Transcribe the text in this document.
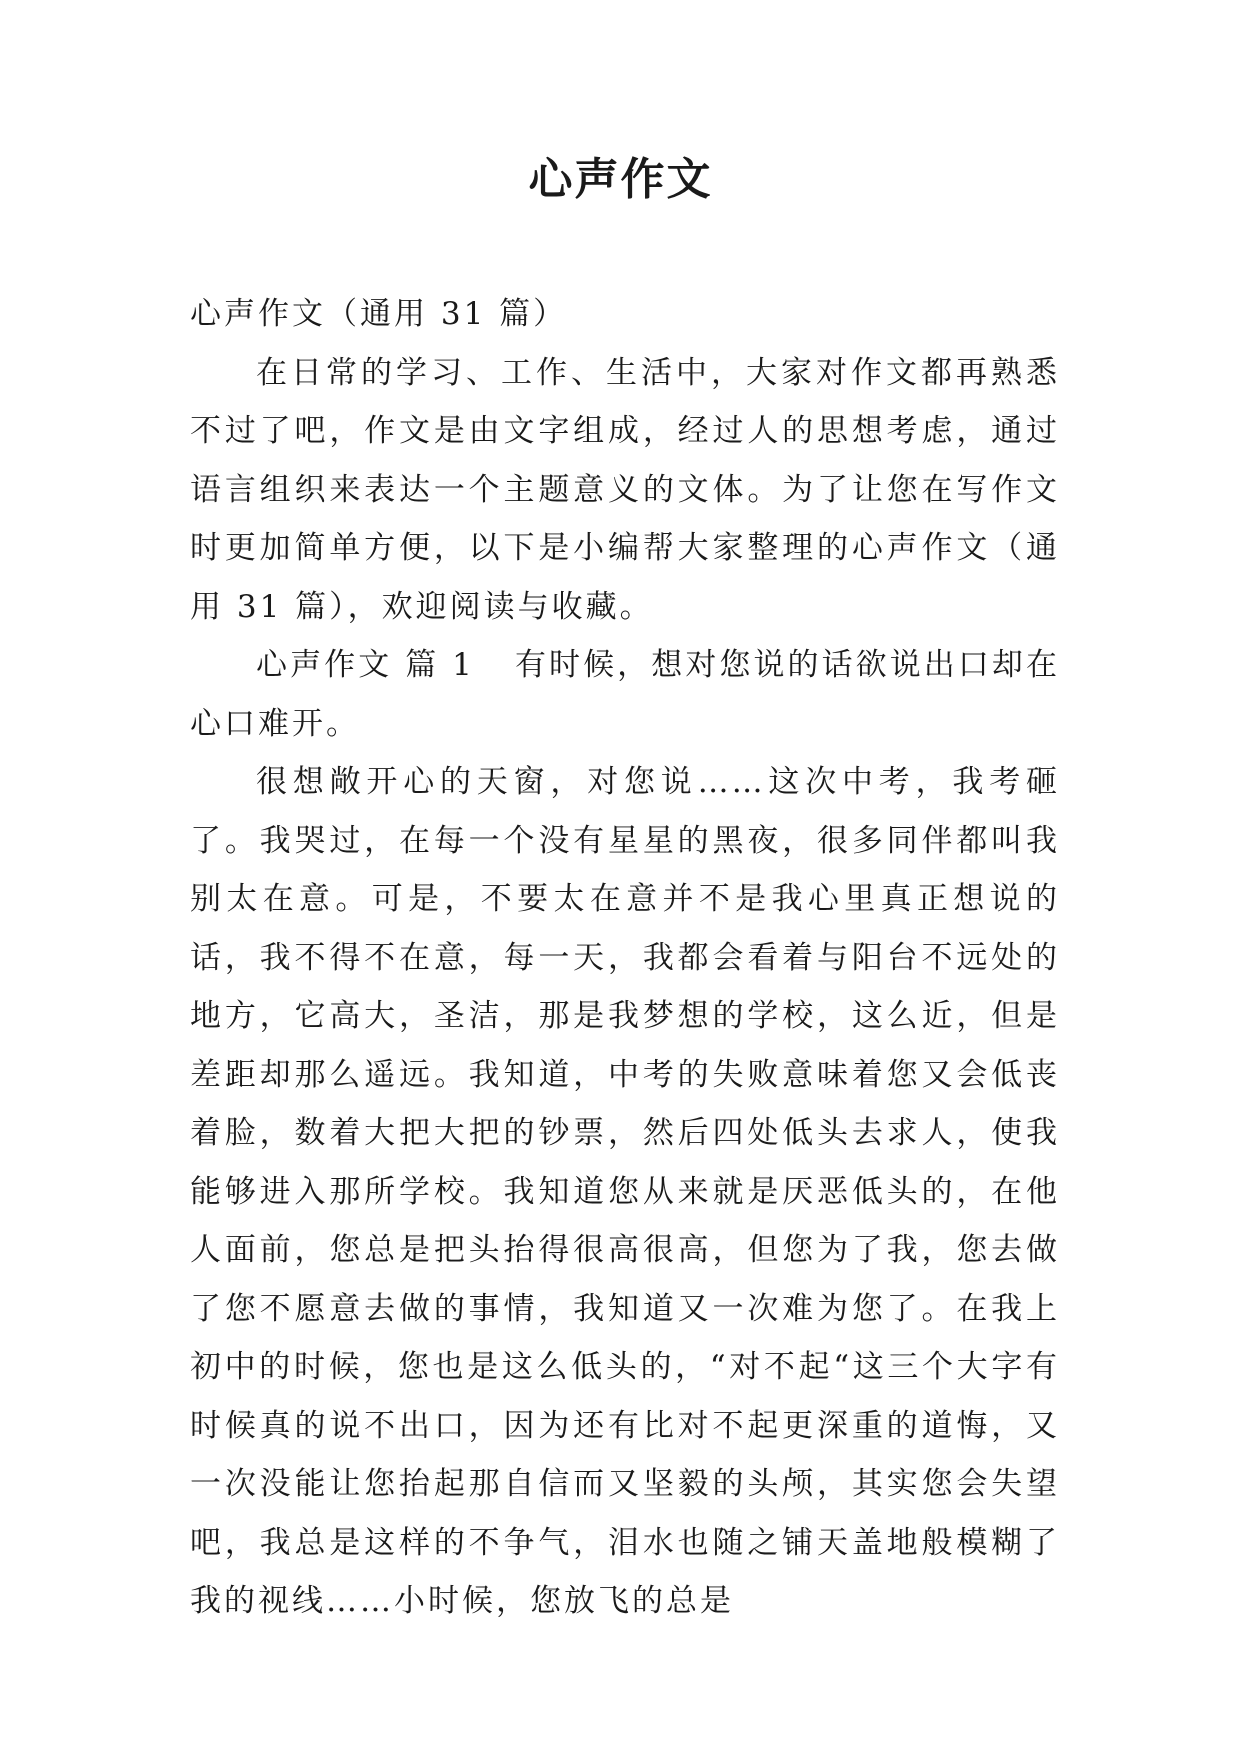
心声作文

心声作文（通用 31 篇）

在日常的学习、工作、生活中，大家对作文都再熟悉不过了吧，作文是由文字组成，经过人的思想考虑，通过语言组织来表达一个主题意义的文体。为了让您在写作文时更加简单方便，以下是小编帮大家整理的心声作文（通用 31 篇），欢迎阅读与收藏。

心声作文 篇 1 有时候，想对您说的话欲说出口却在心口难开。

很想敞开心的天窗，对您说……这次中考，我考砸了。我哭过，在每一个没有星星的黑夜，很多同伴都叫我别太在意。可是，不要太在意并不是我心里真正想说的话，我不得不在意，每一天，我都会看着与阳台不远处的地方，它高大，圣洁，那是我梦想的学校，这么近，但是差距却那么遥远。我知道，中考的失败意味着您又会低丧着脸，数着大把大把的钞票，然后四处低头去求人，使我能够进入那所学校。我知道您从来就是厌恶低头的，在他人面前，您总是把头抬得很高很高，但您为了我，您去做了您不愿意去做的事情，我知道又一次难为您了。在我上初中的时候，您也是这么低头的，“对不起“这三个大字有时候真的说不出口，因为还有比对不起更深重的道悔，又一次没能让您抬起那自信而又坚毅的头颅，其实您会失望吧，我总是这样的不争气，泪水也随之铺天盖地般模糊了我的视线……小时候，您放飞的总是
